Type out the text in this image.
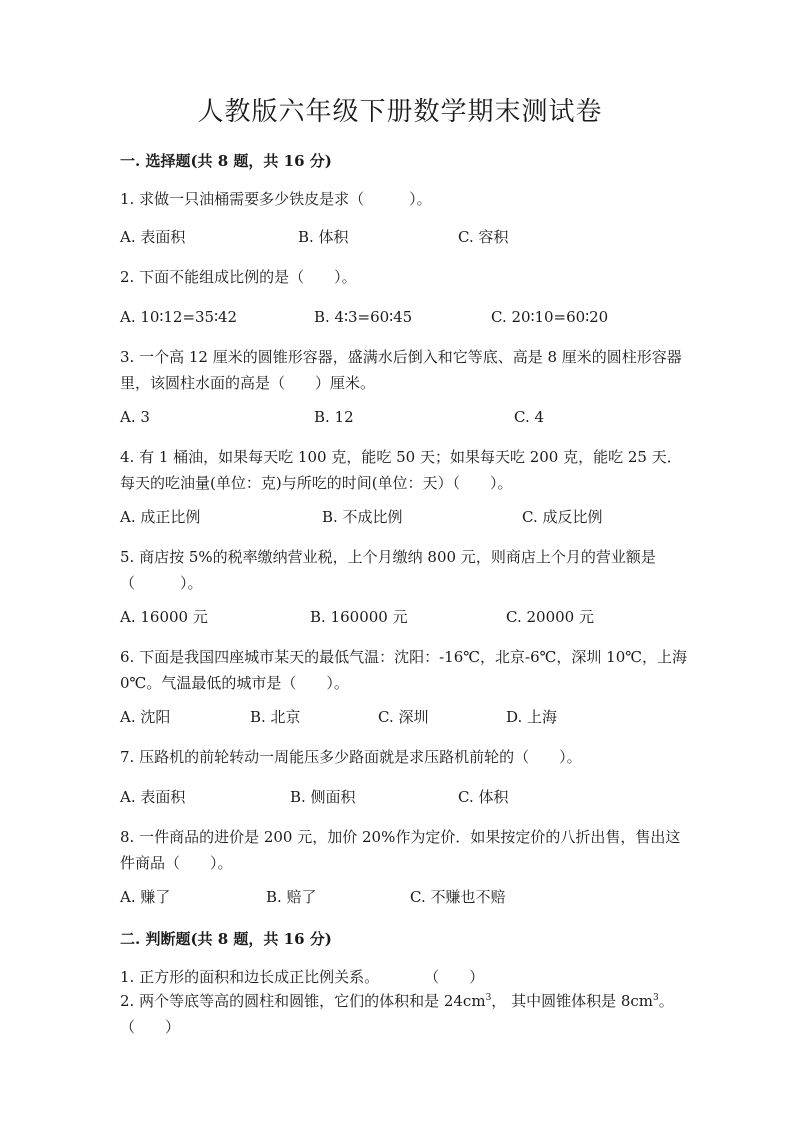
人教版六年级下册数学期末测试卷
一. 选择题(共 8 题，共 16 分)
1. 求做一只油桶需要多少铁皮是求（　　　）。
A. 表面积	B. 体积	C. 容积
2. 下面不能组成比例的是（　　）。
A. 10∶12=35∶42	B. 4∶3=60∶45	C. 20∶10=60∶20
3. 一个高 12 厘米的圆锥形容器，盛满水后倒入和它等底、高是 8 厘米的圆柱形容器里，该圆柱水面的高是（　　）厘米。
A. 3	B. 12	C. 4
4. 有 1 桶油，如果每天吃 100 克，能吃 50 天；如果每天吃 200 克，能吃 25 天．每天的吃油量(单位：克)与所吃的时间(单位：天）（　　）。
A. 成正比例	B. 不成比例	C. 成反比例
5. 商店按 5%的税率缴纳营业税，上个月缴纳 800 元，则商店上个月的营业额是（　　　）。
A. 16000 元	B. 160000 元	C. 20000 元
6. 下面是我国四座城市某天的最低气温：沈阳：-16℃，北京-6℃，深圳 10℃，上海 0℃。气温最低的城市是（　　）。
A. 沈阳	B. 北京	C. 深圳	D. 上海
7. 压路机的前轮转动一周能压多少路面就是求压路机前轮的（　　）。
A. 表面积	B. 侧面积	C. 体积
8. 一件商品的进价是 200 元，加价 20%作为定价．如果按定价的八折出售，售出这件商品（　　）。
A. 赚了	B. 赔了	C. 不赚也不赔
二. 判断题(共 8 题，共 16 分)
1. 正方形的面积和边长成正比例关系。　　　　（　　）
2. 两个等底等高的圆柱和圆锥，它们的体积和是 $24cm^3$， 其中圆锥体积是 $8cm^3$。（　　）
